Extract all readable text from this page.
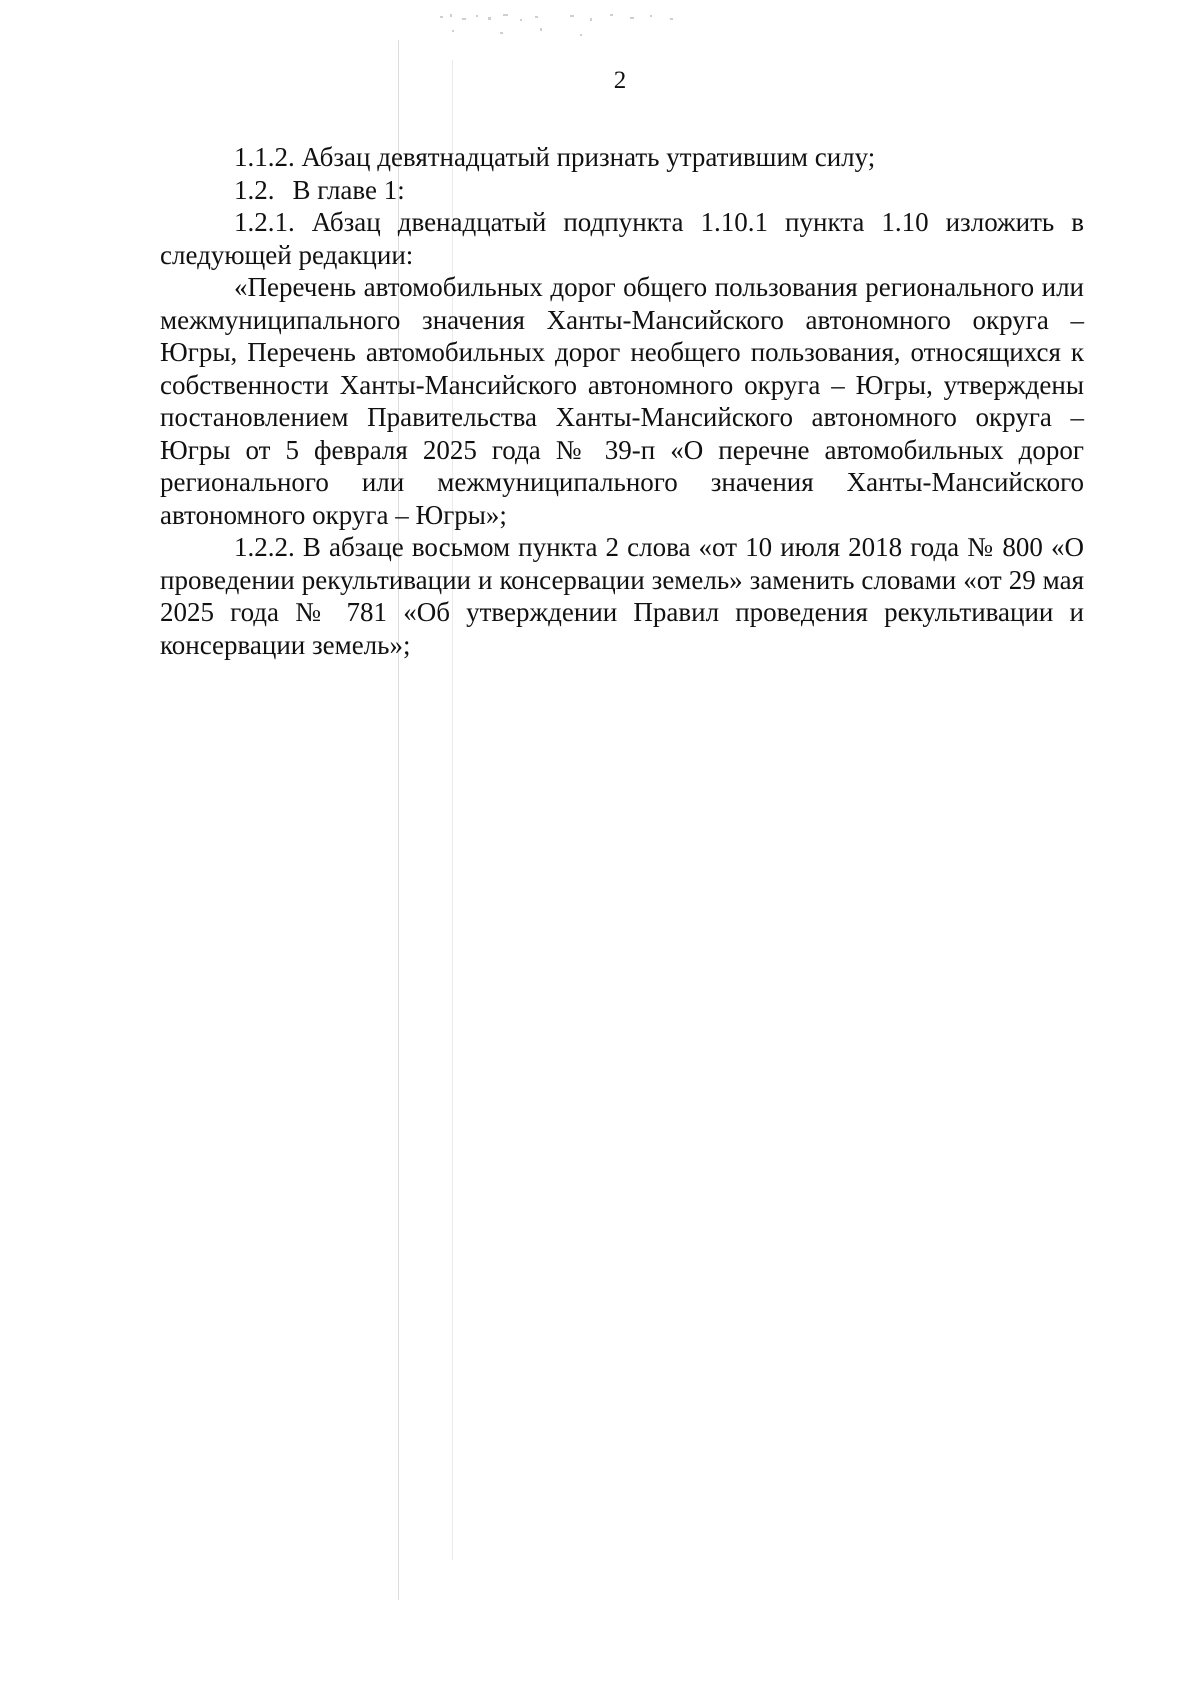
2

1.1.2. Абзац девятнадцатый признать утратившим силу;

1.2. В главе 1:

1.2.1. Абзац двенадцатый подпункта 1.10.1 пункта 1.10 изложить в следующей редакции:

«Перечень автомобильных дорог общего пользования регионального или межмуниципального значения Ханты-Мансийского автономного округа – Югры, Перечень автомобильных дорог необщего пользования, относящихся к собственности Ханты-Мансийского автономного округа – Югры, утверждены постановлением Правительства Ханты-Мансийского автономного округа – Югры от 5 февраля 2025 года № 39-п «О перечне автомобильных дорог регионального или межмуниципального значения Ханты-Мансийского автономного округа – Югры»;

1.2.2. В абзаце восьмом пункта 2 слова «от 10 июля 2018 года № 800 «О проведении рекультивации и консервации земель» заменить словами «от 29 мая 2025 года № 781 «Об утверждении Правил проведения рекультивации и консервации земель»;
